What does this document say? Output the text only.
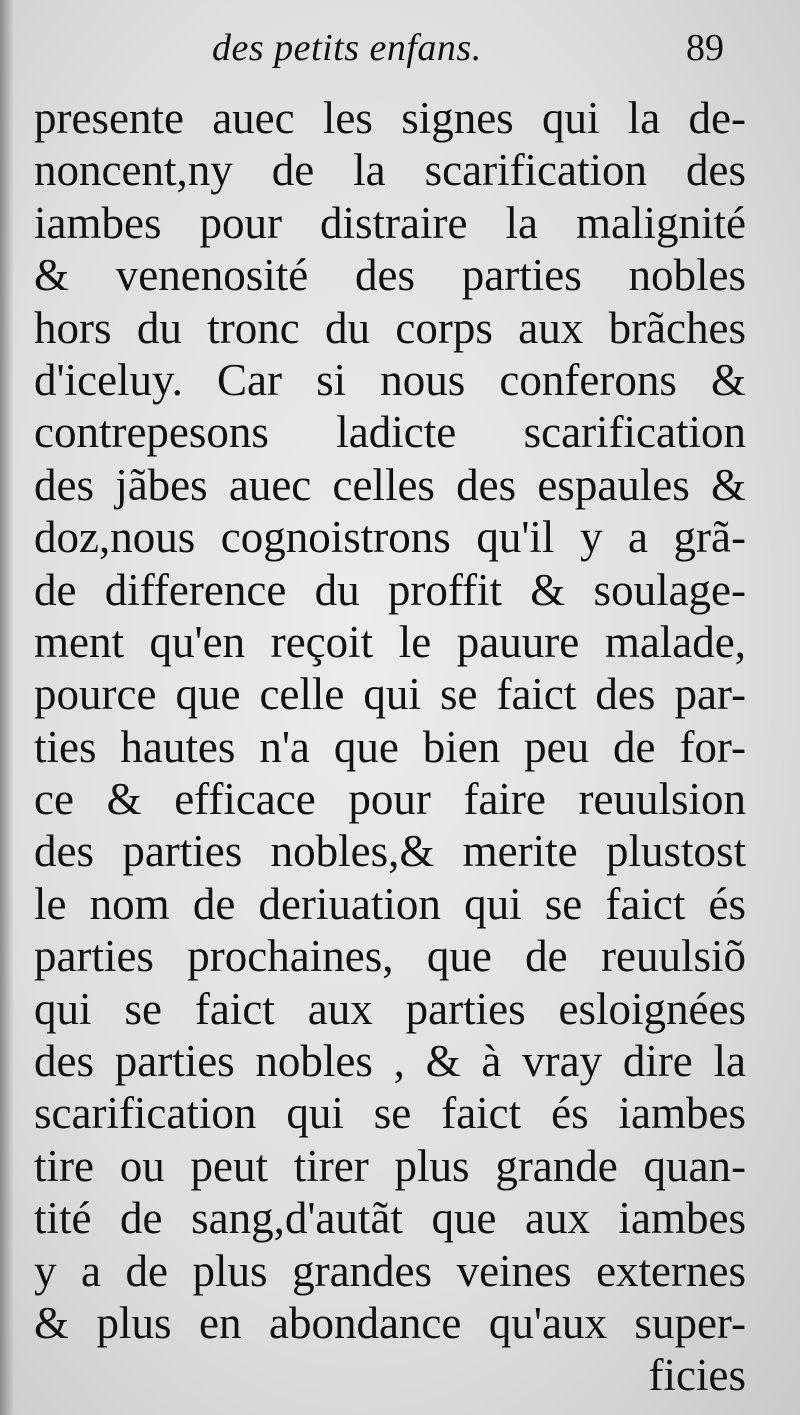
des petits enfans.	89
presente auec les signes qui la de-
noncent,ny de la scarification des
iambes pour distraire la malignité
& venenosité des parties nobles
hors du tronc du corps aux brãches
d'iceluy. Car si nous conferons &
contrepesons ladicte scarification
des jãbes auec celles des espaules &
doz,nous cognoistrons qu'il y a grã-
de difference du proffit & soulage-
ment qu'en reçoit le pauure malade,
pource que celle qui se faict des par-
ties hautes n'a que bien peu de for-
ce & efficace pour faire reuulsion
des parties nobles,& merite plustost
le nom de deriuation qui se faict és
parties prochaines, que de reuulsiõ
qui se faict aux parties esloignées
des parties nobles , & à vray dire la
scarification qui se faict és iambes
tire ou peut tirer plus grande quan-
tité de sang,d'autãt que aux iambes
y a de plus grandes veines externes
& plus en abondance qu'aux super-
ficies
